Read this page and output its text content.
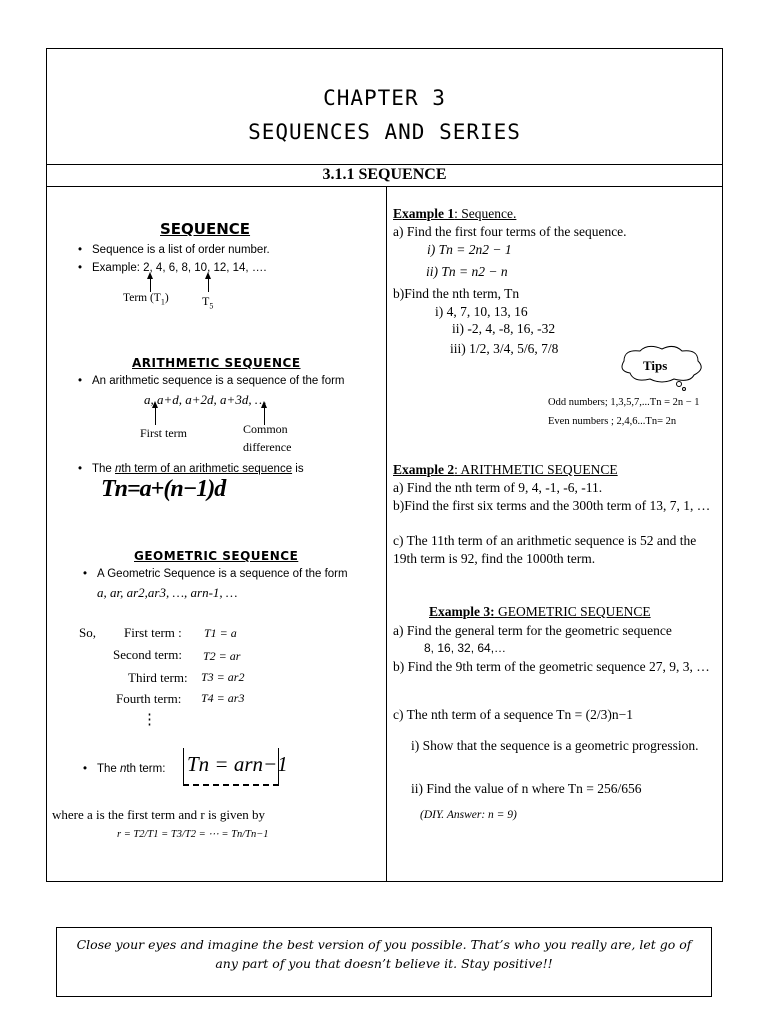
CHAPTER 3
SEQUENCES AND SERIES
3.1.1 SEQUENCE
SEQUENCE
• Sequence is a list of order number.
• Example: 2, 4, 6, 8, 10, 12, 14, ….
Term $(T_1)$	$T_5$
ARITHMETIC SEQUENCE
• An arithmetic sequence is a sequence of the form
a, a+d, a+2d, a+3d, …
First term	Common
difference
• The nth term of an arithmetic sequence is
Tn=a+(n−1)d
GEOMETRIC SEQUENCE
• A Geometric Sequence is a sequence of the form
a, ar, ar2,ar3, …, arn-1, …
So, First term : T1 = a
Second term: T2 = ar
Third term: T3 = ar2
Fourth term: T4 = ar3
⋮
• The nth term: Tn = arn−1
where a is the first term and r is given by
r = T2/T1 = T3/T2 = ⋯ = Tn/Tn−1
Example 1: Sequence.
a) Find the first four terms of the sequence.
i) Tn = 2n2 − 1
ii) Tn = n2 − n
b)Find the nth term, Tn
i) 4, 7, 10, 13, 16
ii) -2, 4, -8, 16, -32
iii) 1/2, 3/4, 5/6, 7/8
Tips
Odd numbers; 1,3,5,7,...Tn = 2n − 1
Even numbers ; 2,4,6...Tn= 2n
Example 2: ARITHMETIC SEQUENCE
a) Find the nth term of 9, 4, -1, -6, -11.
b)Find the first six terms and the 300th term of 13, 7, 1, …
c) The 11th term of an arithmetic sequence is 52 and the 19th term is 92, find the 1000th term.
Example 3: GEOMETRIC SEQUENCE
a) Find the general term for the geometric sequence
8, 16, 32, 64,…
b) Find the 9th term of the geometric sequence 27, 9, 3, …
c) The nth term of a sequence Tn = (2/3)n−1
i) Show that the sequence is a geometric progression.
ii) Find the value of n where Tn = 256/656
(DIY. Answer: n = 9)
Close your eyes and imagine the best version of you possible. That’s who you really are, let go of
any part of you that doesn’t believe it. Stay positive!!
